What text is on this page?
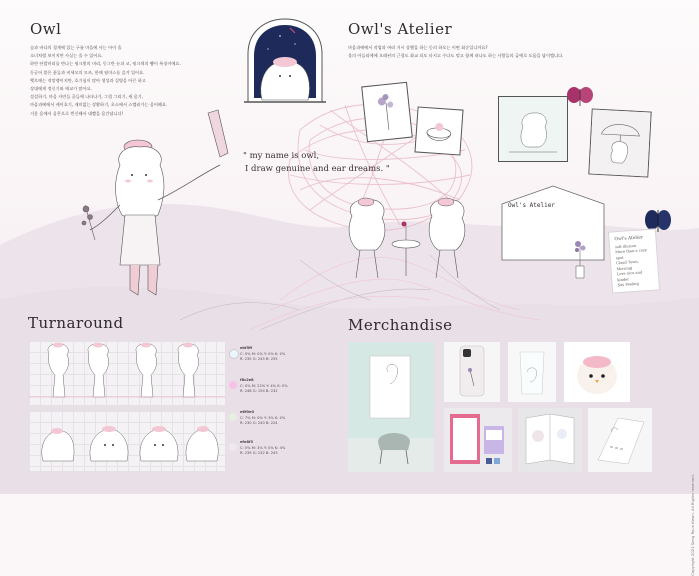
Owl
숲과 바다의 경계에 있는 구름 마을에 사는 아이 올
소녀처럼 보이지만 사실는 올 수 있어요.
하얀 단발머리를 만나는 핑크빛의 머리, 동그란 눈과 코, 핑크색의 뺨이 특징이에요.
동글어 붙은 꽃들과 비세모의 모즈, 한때 핑머스를 즐겨 입어요.
햇으메는 적망쟁이지만, 호기심이 많아 생성과 질병을 아끈 하고
상대에게 정신기와 애교가 많아요.
설설하기, 마음 자연들 골들에 나타나기, 그림 그리기, 새 음기,
마음과에에서 케이호기, 재미없는 상황하기, 초소에서 스엘러가는 음어해요.
거운 음에서 음콘으로 번신해서 대빨을 음간답니다!
" my name is owl,
I draw genuine and ear dreams. "
Owl's Atelier
마음과에에서 작업과 여러 거시 상했을 하는 동의 하오는 이면 회순입니까요?
올의 아들리에에 오래된의 근경도 화교 되도 타지고 수다도 떨고 함께 떠나도 하는 사람들의 급예로 도움을 답이엘니다.
Owl's Atelier
Owl's Atelier
soft illusion
More than a cozy spot
Cloud Town, Morning
Love nice and kinder
Say Feeling
Turnaround
ebf5ff
C: 5% M: 0% Y: 0% K: 0%
R: 235 G: 245 B: 255
f8c2e8
C: 0% M: 22% Y: 4% K: 0%
R: 248 G: 194 B: 232
e6f0e0
C: 7% M: 0% Y: 3% K: 0%
R: 230 G: 240 B: 224
efe8f3
C: 0% M: 3% Y: 0% K: 4%
R: 239 G: 232 B: 243
Merchandise
Copyright 2021 Song Ryun Kwon. All Rights reserved.
